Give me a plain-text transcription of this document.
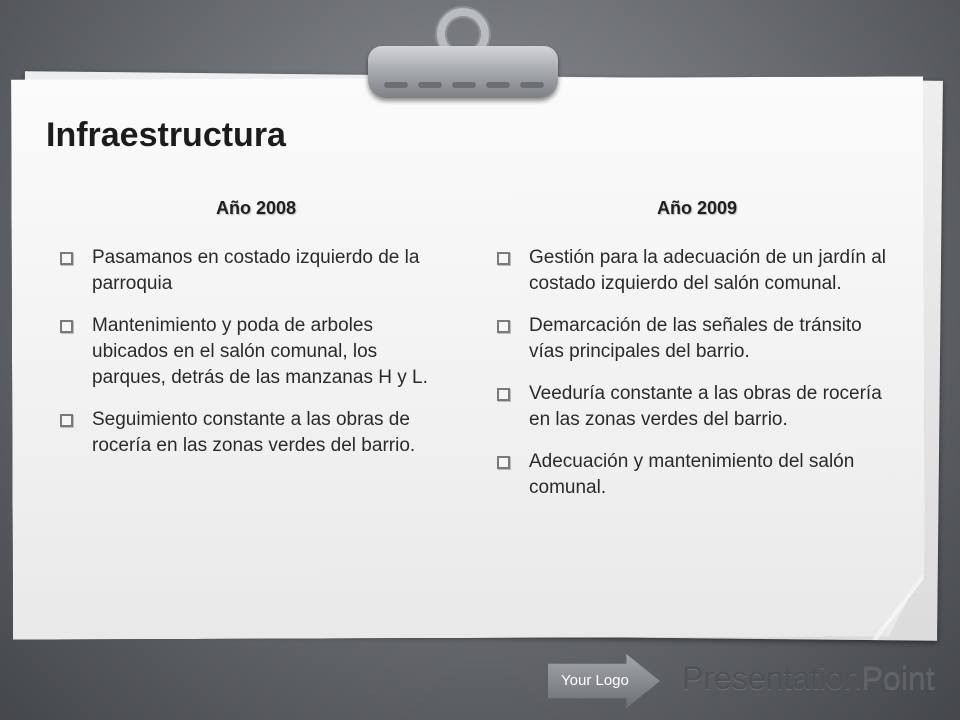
Infraestructura
Año 2008
Pasamanos en costado izquierdo de la parroquia
Mantenimiento y poda de arboles ubicados en el salón comunal, los parques, detrás de las manzanas H y L.
Seguimiento constante a las obras de rocería en las zonas verdes del barrio.
Año 2009
Gestión para la adecuación de un jardín al costado izquierdo del salón comunal.
Demarcación de las señales de tránsito vías principales del barrio.
Veeduría constante a las obras de rocería en las zonas verdes del barrio.
Adecuación y mantenimiento del salón comunal.
Your Logo	PresentationPoint
